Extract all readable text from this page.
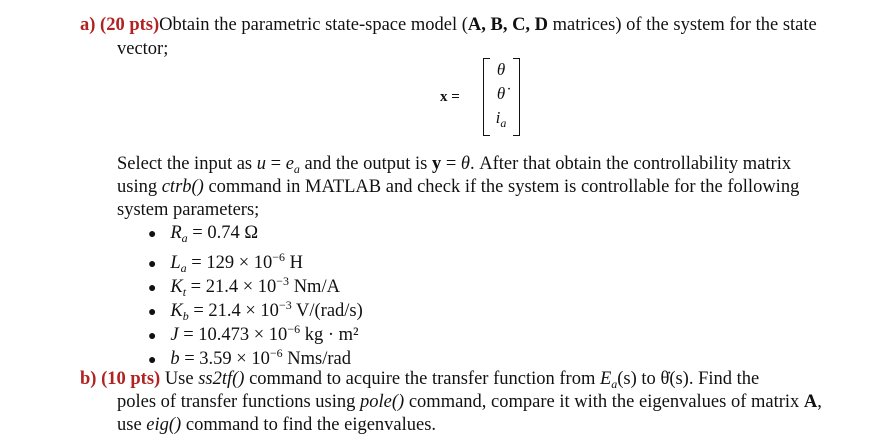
a) (20 pts)Obtain the parametric state-space model (A, B, C, D matrices) of the system for the state
vector;
x =
θ
θ̇
$i_a$
Select the input as $u = e_a$ and the output is y = θ. After that obtain the controllability matrix
using ctrb() command in MATLAB and check if the system is controllable for the following
system parameters;
● $R_a = 0.74$ Ω
● $L_a = 129 \times 10^{-6}$ H
● $K_t = 21.4 \times 10^{-3}$ Nm/A
● $K_b = 21.4 \times 10^{-3}$ V/(rad/s)
● $J = 10.473 \times 10^{-6}$ kg · m²
● $b = 3.59 \times 10^{-6}$ Nms/rad
b) (10 pts) Use ss2tf() command to acquire the transfer function from $E_a(s)$ to θ̇(s). Find the
poles of transfer functions using pole() command, compare it with the eigenvalues of matrix A,
use eig() command to find the eigenvalues.
